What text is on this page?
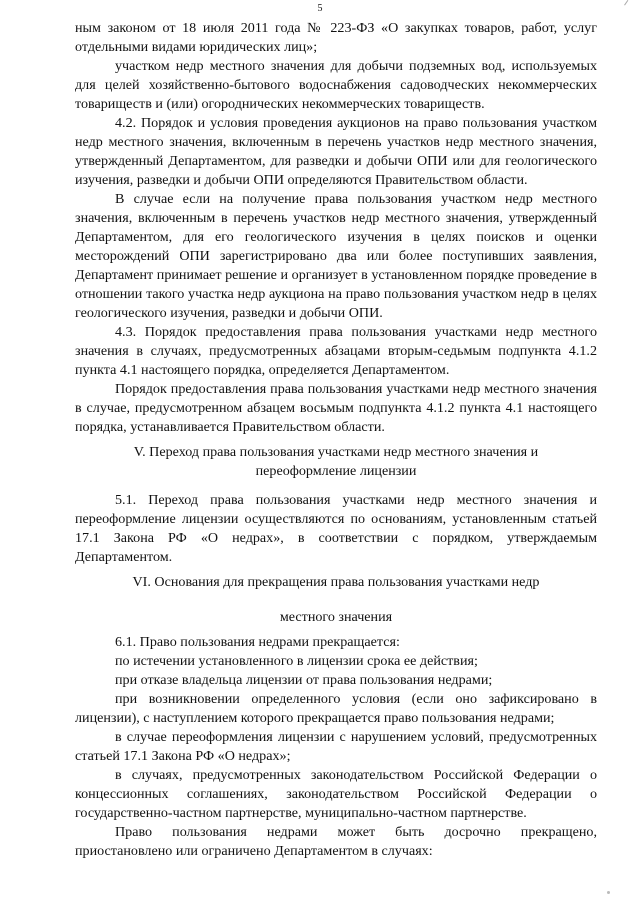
5

ным законом от 18 июля 2011 года № 223-ФЗ «О закупках товаров, работ, услуг отдельными видами юридических лиц»;

участком недр местного значения для добычи подземных вод, используемых для целей хозяйственно-бытового водоснабжения садоводческих некоммерческих товариществ и (или) огороднических некоммерческих товариществ.

4.2. Порядок и условия проведения аукционов на право пользования участком недр местного значения, включенным в перечень участков недр местного значения, утвержденный Департаментом, для разведки и добычи ОПИ или для геологического изучения, разведки и добычи ОПИ определяются Правительством области.

В случае если на получение права пользования участком недр местного значения, включенным в перечень участков недр местного значения, утвержденный Департаментом, для его геологического изучения в целях поисков и оценки месторождений ОПИ зарегистрировано два или более поступивших заявления, Департамент принимает решение и организует в установленном порядке проведение в отношении такого участка недр аукциона на право пользования участком недр в целях геологического изучения, разведки и добычи ОПИ.

4.3. Порядок предоставления права пользования участками недр местного значения в случаях, предусмотренных абзацами вторым-седьмым подпункта 4.1.2 пункта 4.1 настоящего порядка, определяется Департаментом.

Порядок предоставления права пользования участками недр местного значения в случае, предусмотренном абзацем восьмым подпункта 4.1.2 пункта 4.1 настоящего порядка, устанавливается Правительством области.

V. Переход права пользования участками недр местного значения и переоформление лицензии

5.1. Переход права пользования участками недр местного значения и переоформление лицензии осуществляются по основаниям, установленным статьей 17.1 Закона РФ «О недрах», в соответствии с порядком, утверждаемым Департаментом.

VI. Основания для прекращения права пользования участками недр

местного значения

6.1. Право пользования недрами прекращается:

по истечении установленного в лицензии срока ее действия;

при отказе владельца лицензии от права пользования недрами;

при возникновении определенного условия (если оно зафиксировано в лицензии), с наступлением которого прекращается право пользования недрами;

в случае переоформления лицензии с нарушением условий, предусмотренных статьей 17.1 Закона РФ «О недрах»;

в случаях, предусмотренных законодательством Российской Федерации о концессионных соглашениях, законодательством Российской Федерации о государственно-частном партнерстве, муниципально-частном партнерстве.

Право пользования недрами может быть досрочно прекращено, приостановлено или ограничено Департаментом в случаях:
